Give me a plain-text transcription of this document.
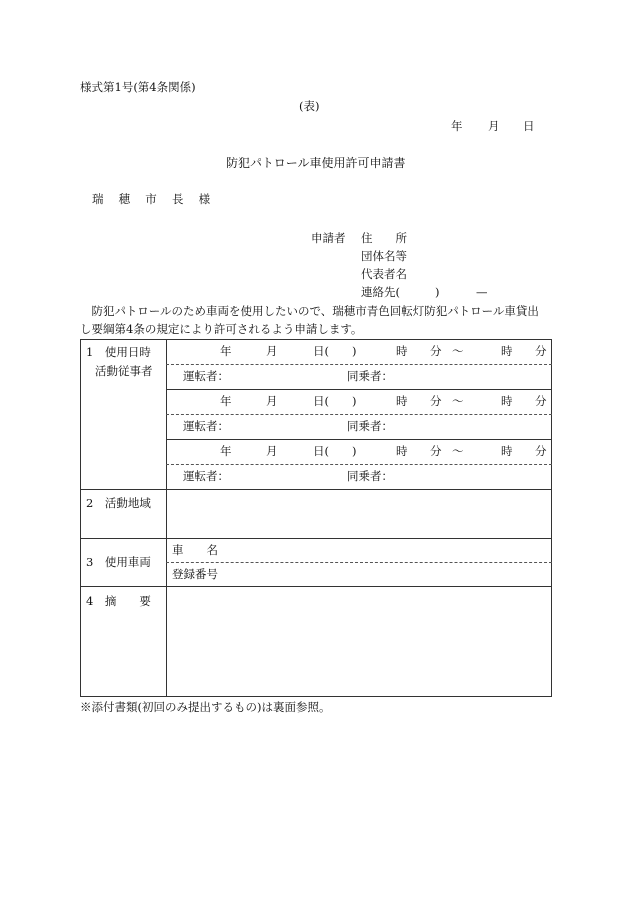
様式第1号(第4条関係)
(表)
年 月 日
防犯パトロール車使用許可申請書
瑞 穂 市 長 様
申請者 住　　所
団体名等
代表者名
連絡先(	)	—
　防犯パトロールのため車両を使用したいので、瑞穂市青色回転灯防犯パトロール車貸出
し要綱第4条の規定により許可されるよう申請します。
1　使用日時
活動従事者
年	月	日(　　)	時 分 〜	時 分
運転者：	同乗者：
年	月	日(　　)	時 分 〜	時 分
運転者：	同乗者：
年	月	日(　　)	時 分 〜	時 分
運転者：	同乗者：
2　活動地域
3　使用車両
車　　名
登録番号
4　摘　　要
※添付書類(初回のみ提出するもの)は裏面参照。
